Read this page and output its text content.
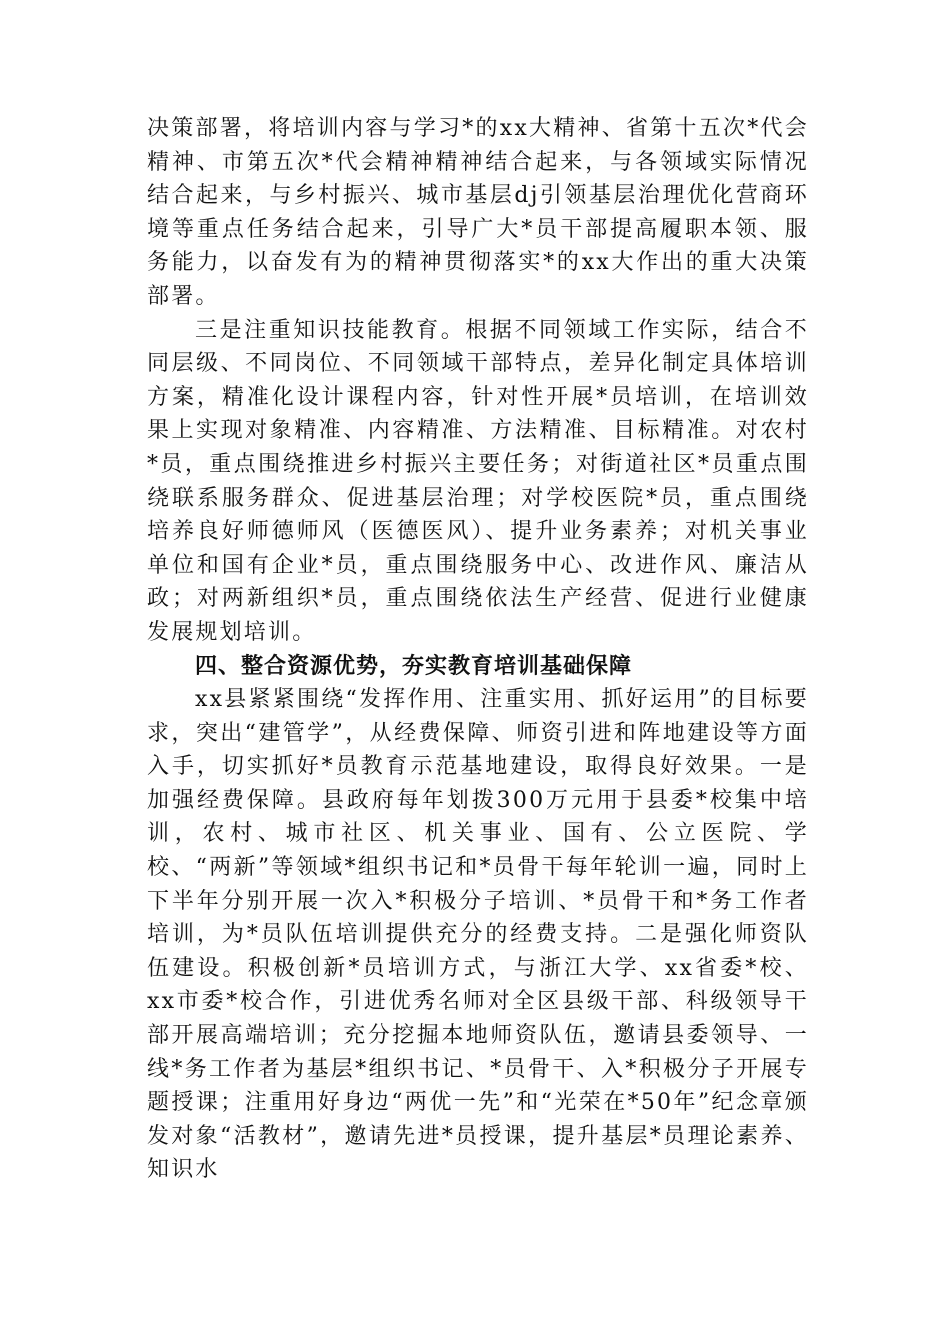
决策部署，将培训内容与学习*的xx大精神、省第十五次*代会精神、市第五次*代会精神精神结合起来，与各领域实际情况结合起来，与乡村振兴、城市基层dj引领基层治理优化营商环境等重点任务结合起来，引导广大*员干部提高履职本领、服务能力，以奋发有为的精神贯彻落实*的xx大作出的重大决策部署。

三是注重知识技能教育。根据不同领域工作实际，结合不同层级、不同岗位、不同领域干部特点，差异化制定具体培训方案，精准化设计课程内容，针对性开展*员培训，在培训效果上实现对象精准、内容精准、方法精准、目标精准。对农村*员，重点围绕推进乡村振兴主要任务；对街道社区*员重点围绕联系服务群众、促进基层治理；对学校医院*员，重点围绕培养良好师德师风（医德医风）、提升业务素养；对机关事业单位和国有企业*员，重点围绕服务中心、改进作风、廉洁从政；对两新组织*员，重点围绕依法生产经营、促进行业健康发展规划培训。

四、整合资源优势，夯实教育培训基础保障

xx县紧紧围绕“发挥作用、注重实用、抓好运用”的目标要求，突出“建管学”，从经费保障、师资引进和阵地建设等方面入手，切实抓好*员教育示范基地建设，取得良好效果。一是加强经费保障。县政府每年划拨300万元用于县委*校集中培训，农村、城市社区、机关事业、国有、公立医院、学校、“两新”等领域*组织书记和*员骨干每年轮训一遍，同时上下半年分别开展一次入*积极分子培训、*员骨干和*务工作者培训，为*员队伍培训提供充分的经费支持。二是强化师资队伍建设。积极创新*员培训方式，与浙江大学、xx省委*校、xx市委*校合作，引进优秀名师对全区县级干部、科级领导干部开展高端培训；充分挖掘本地师资队伍，邀请县委领导、一线*务工作者为基层*组织书记、*员骨干、入*积极分子开展专题授课；注重用好身边“两优一先”和“光荣在*50年”纪念章颁发对象“活教材”，邀请先进*员授课，提升基层*员理论素养、知识水
